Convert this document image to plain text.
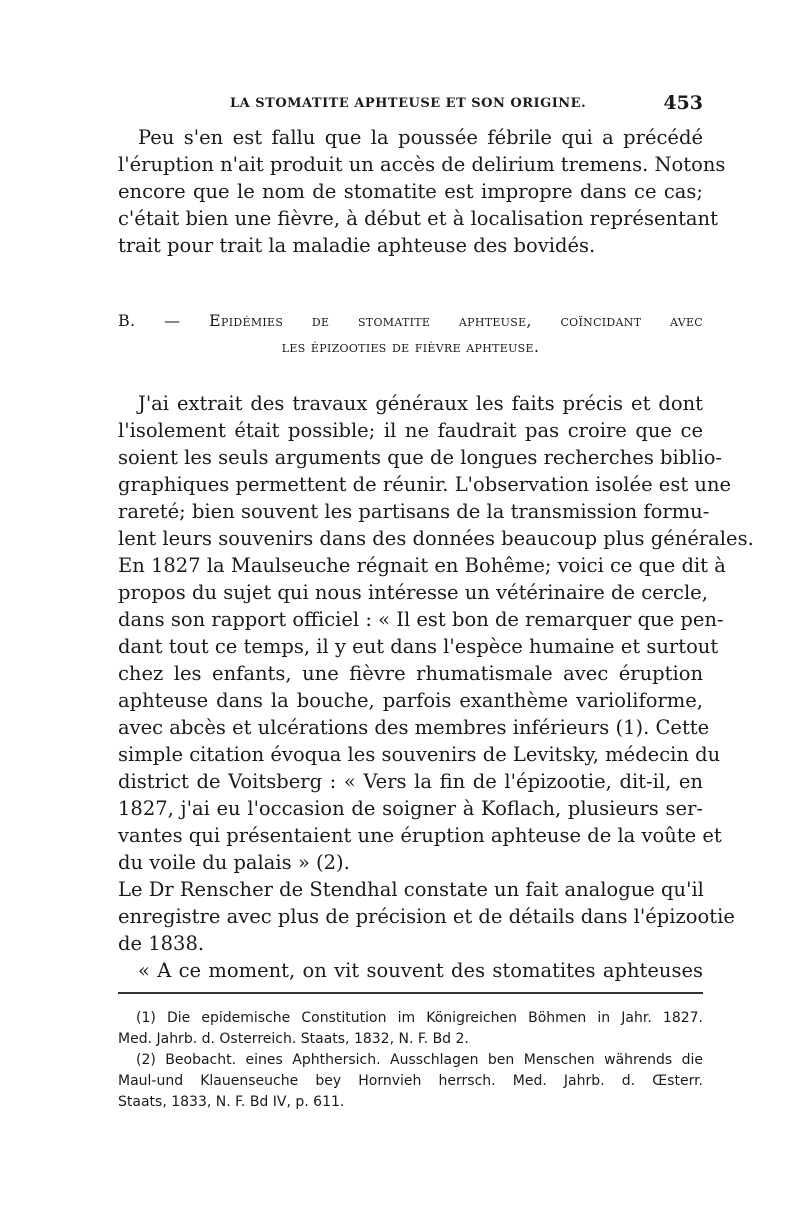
LA STOMATITE APHTEUSE ET SON ORIGINE.	453
Peu s'en est fallu que la poussée fébrile qui a précédé
l'éruption n'ait produit un accès de delirium tremens. Notons
encore que le nom de stomatite est impropre dans ce cas;
c'était bien une fièvre, à début et à localisation représentant
trait pour trait la maladie aphteuse des bovidés.
B. — Epidémies de stomatite aphteuse, coïncidant avec
les épizooties de fièvre aphteuse.
J'ai extrait des travaux généraux les faits précis et dont
l'isolement était possible; il ne faudrait pas croire que ce
soient les seuls arguments que de longues recherches biblio-
graphiques permettent de réunir. L'observation isolée est une
rareté; bien souvent les partisans de la transmission formu-
lent leurs souvenirs dans des données beaucoup plus générales.
En 1827 la Maulseuche régnait en Bohême; voici ce que dit à
propos du sujet qui nous intéresse un vétérinaire de cercle,
dans son rapport officiel : « Il est bon de remarquer que pen-
dant tout ce temps, il y eut dans l'espèce humaine et surtout
chez les enfants, une fièvre rhumatismale avec éruption
aphteuse dans la bouche, parfois exanthème varioliforme,
avec abcès et ulcérations des membres inférieurs (1). Cette
simple citation évoqua les souvenirs de Levitsky, médecin du
district de Voitsberg : « Vers la fin de l'épizootie, dit-il, en
1827, j'ai eu l'occasion de soigner à Koflach, plusieurs ser-
vantes qui présentaient une éruption aphteuse de la voûte et
du voile du palais » (2).
Le Dr Renscher de Stendhal constate un fait analogue qu'il
enregistre avec plus de précision et de détails dans l'épizootie
de 1838.
« A ce moment, on vit souvent des stomatites aphteuses
(1) Die epidemische Constitution im Königreichen Böhmen in Jahr. 1827.
Med. Jahrb. d. Osterreich. Staats, 1832, N. F. Bd 2.
(2) Beobacht. eines Aphthersich. Ausschlagen ben Menschen währends die
Maul-und Klauenseuche bey Hornvieh herrsch. Med. Jahrb. d. Œsterr.
Staats, 1833, N. F. Bd IV, p. 611.
